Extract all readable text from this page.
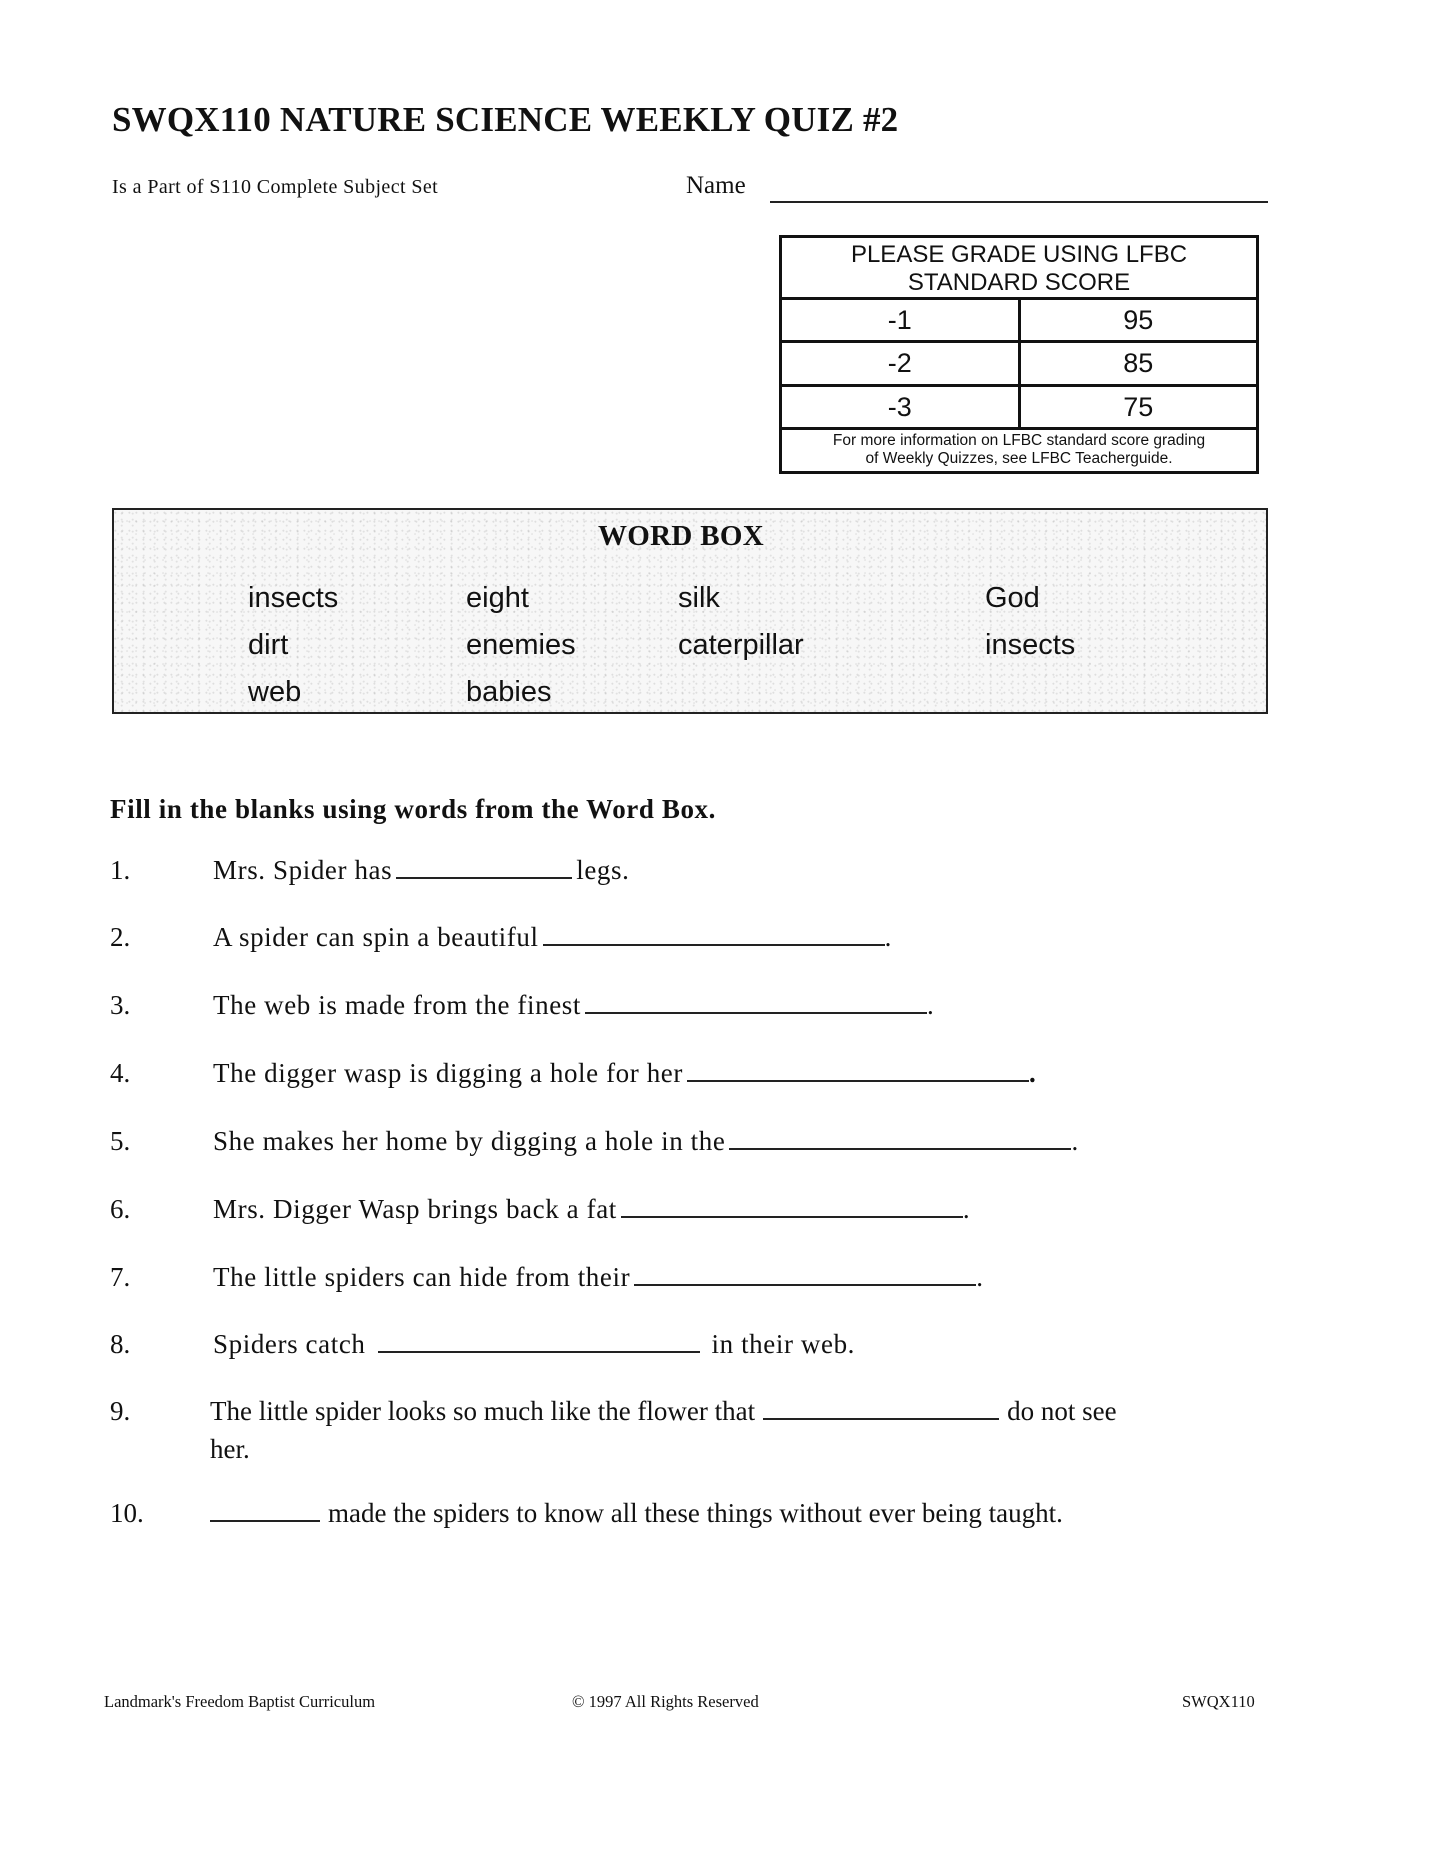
SWQX110 NATURE SCIENCE WEEKLY QUIZ #2
Is a Part of S110 Complete Subject Set	Name
PLEASE GRADE USING LFBC
STANDARD SCORE
-1	95
-2	85
-3	75
For more information on LFBC standard score grading
of Weekly Quizzes, see LFBC Teacherguide.
WORD BOX
insects	eight	silk	God
dirt	enemies	caterpillar	insects
web	babies
Fill in the blanks using words from the Word Box.
1.	Mrs. Spider has	legs.
2.	A spider can spin a beautiful	.
3.	The web is made from the finest	.
4.	The digger wasp is digging a hole for her	.
5.	She makes her home by digging a hole in the	.
6.	Mrs. Digger Wasp brings back a fat	.
7.	The little spiders can hide from their	.
8.	Spiders catch	in their web.
9.	The little spider looks so much like the flower that	do not see
her.
10.	made the spiders to know all these things without ever being taught.
Landmark's Freedom Baptist Curriculum	© 1997 All Rights Reserved	SWQX110
